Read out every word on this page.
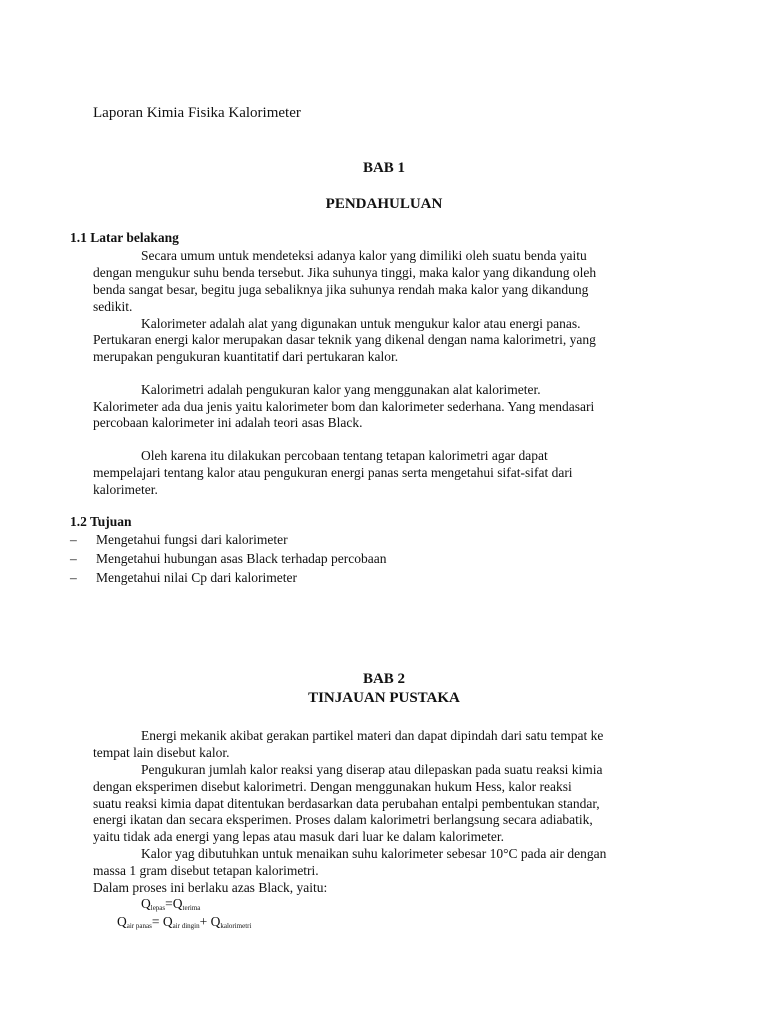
Laporan Kimia Fisika Kalorimeter
BAB 1
PENDAHULUAN
1.1 Latar belakang
Secara umum untuk mendeteksi adanya kalor yang dimiliki oleh suatu benda yaitu
dengan mengukur suhu benda tersebut. Jika suhunya tinggi, maka kalor yang dikandung oleh
benda sangat besar, begitu juga sebaliknya jika suhunya rendah maka kalor yang dikandung
sedikit.
Kalorimeter adalah alat yang digunakan untuk mengukur kalor atau energi panas.
Pertukaran energi kalor merupakan dasar teknik yang dikenal dengan nama kalorimetri, yang
merupakan pengukuran kuantitatif dari pertukaran kalor.
Kalorimetri adalah pengukuran kalor yang menggunakan alat kalorimeter.
Kalorimeter ada dua jenis yaitu kalorimeter bom dan kalorimeter sederhana. Yang mendasari
percobaan kalorimeter ini adalah teori asas Black.
Oleh karena itu dilakukan percobaan tentang tetapan kalorimetri agar dapat
mempelajari tentang kalor atau pengukuran energi panas serta mengetahui sifat-sifat dari
kalorimeter.
1.2 Tujuan
– Mengetahui fungsi dari kalorimeter
– Mengetahui hubungan asas Black terhadap percobaan
– Mengetahui nilai Cp dari kalorimeter
BAB 2
TINJAUAN PUSTAKA
Energi mekanik akibat gerakan partikel materi dan dapat dipindah dari satu tempat ke
tempat lain disebut kalor.
Pengukuran jumlah kalor reaksi yang diserap atau dilepaskan pada suatu reaksi kimia
dengan eksperimen disebut kalorimetri. Dengan menggunakan hukum Hess, kalor reaksi
suatu reaksi kimia dapat ditentukan berdasarkan data perubahan entalpi pembentukan standar,
energi ikatan dan secara eksperimen. Proses dalam kalorimetri berlangsung secara adiabatik,
yaitu tidak ada energi yang lepas atau masuk dari luar ke dalam kalorimeter.
Kalor yag dibutuhkan untuk menaikan suhu kalorimeter sebesar 10°C pada air dengan
massa 1 gram disebut tetapan kalorimetri.
Dalam proses ini berlaku azas Black, yaitu:
$Q_{lepas}=Q_{terima}$
$Q_{air panas}= Q_{air dingin}+ Q_{kalorimetri}$
